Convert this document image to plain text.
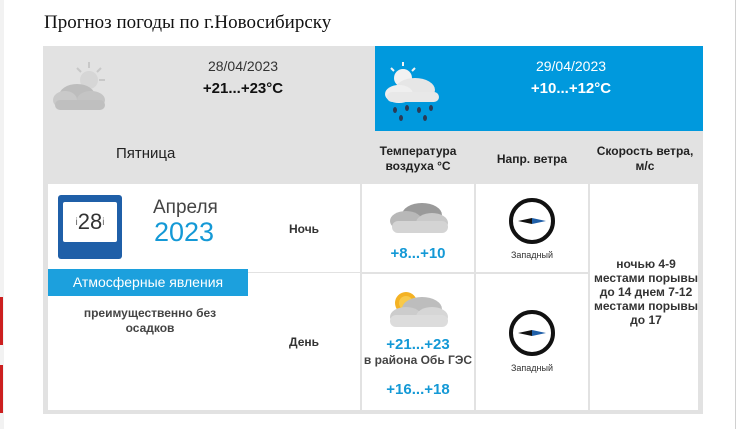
Прогноз погоды по г.Новосибирску
28/04/2023
+21...+23°C
29/04/2023
+10...+12°C
Пятница	Температура воздуха °C	Напр. ветра
Скорость ветра, м/с
i28i
Апреля
2023
Атмосферные явления
преимущественно без осадков
Ночь
День
+8...+10
+21...+23
в района Обь ГЭС
+16...+18
Западный
Западный
ночью 4-9 местами порывы до 14 днем 7-12 местами порывы до 17
